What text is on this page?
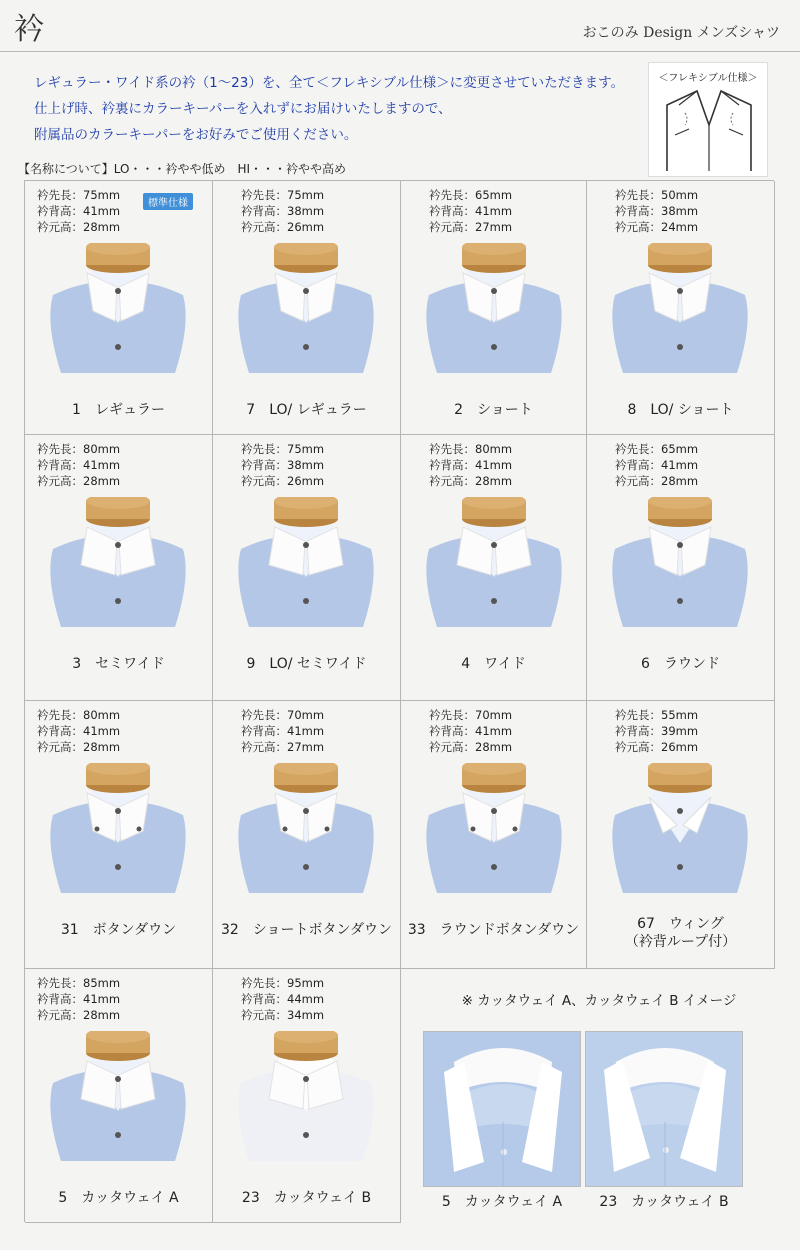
衿	おこのみ Design メンズシャツ
レギュラー・ワイド系の衿（1～23）を、全て＜フレキシブル仕様＞に変更させていただきます。
仕上げ時、衿裏にカラーキーパーを入れずにお届けいたしますので、
附属品のカラーキーパーをお好みでご使用ください。
＜フレキシブル仕様＞
【名称について】LO・・・衿やや低め　HI・・・衿やや高め
※ カッタウェイ A、カッタウェイ B イメージ
5　カッタウェイ A	23　カッタウェイ B
衿先長：75mm
衿背高：41mm
衿元高：28mm
標準仕様
1　レギュラー
衿先長：75mm
衿背高：38mm
衿元高：26mm
7　LO/ レギュラー
衿先長：65mm
衿背高：41mm
衿元高：27mm
2　ショート
衿先長：50mm
衿背高：38mm
衿元高：24mm
8　LO/ ショート
衿先長：80mm
衿背高：41mm
衿元高：28mm
3　セミワイド
衿先長：75mm
衿背高：38mm
衿元高：26mm
9　LO/ セミワイド
衿先長：80mm
衿背高：41mm
衿元高：28mm
4　ワイド
衿先長：65mm
衿背高：41mm
衿元高：28mm
6　ラウンド
衿先長：80mm
衿背高：41mm
衿元高：28mm
31　ボタンダウン
衿先長：70mm
衿背高：41mm
衿元高：27mm
32　ショートボタンダウン
衿先長：70mm
衿背高：41mm
衿元高：28mm
33　ラウンドボタンダウン
衿先長：55mm
衿背高：39mm
衿元高：26mm
67　ウィング
（衿背ループ付）
衿先長：85mm
衿背高：41mm
衿元高：28mm
5　カッタウェイ A
衿先長：95mm
衿背高：44mm
衿元高：34mm
23　カッタウェイ B
